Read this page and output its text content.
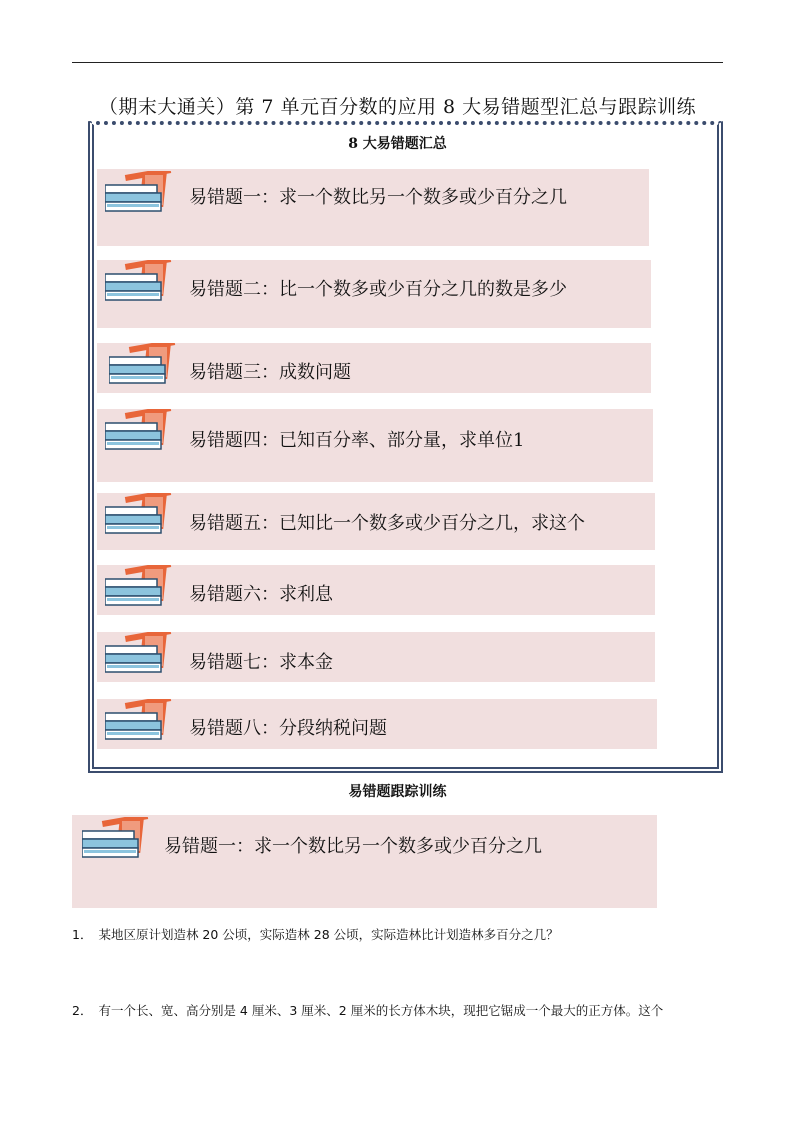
（期末大通关）第 7 单元百分数的应用 8 大易错题型汇总与跟踪训练
8 大易错题汇总
易错题一：求一个数比另一个数多或少百分之几
易错题二：比一个数多或少百分之几的数是多少
易错题三：成数问题
易错题四：已知百分率、部分量，求单位1
易错题五：已知比一个数多或少百分之几，求这个
易错题六：求利息
易错题七：求本金
易错题八：分段纳税问题
易错题跟踪训练
易错题一：求一个数比另一个数多或少百分之几
1． 某地区原计划造林 20 公顷，实际造林 28 公顷，实际造林比计划造林多百分之几？
2． 有一个长、宽、高分别是 4 厘米、3 厘米、2 厘米的长方体木块，现把它锯成一个最大的正方体。这个
